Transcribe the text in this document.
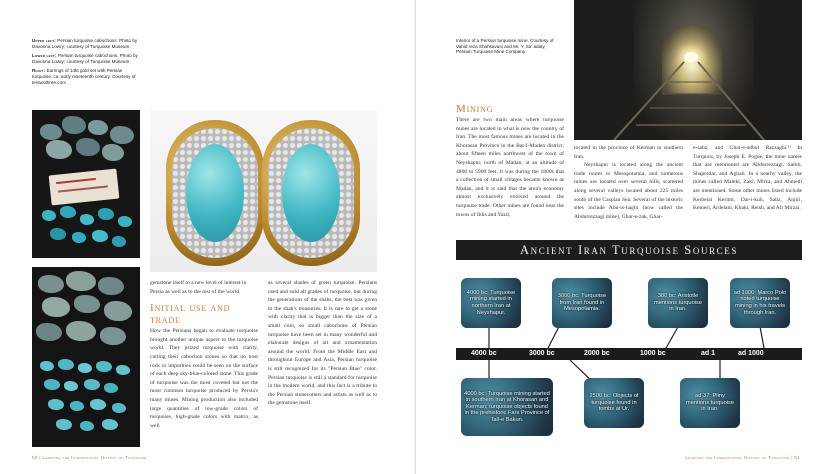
Upper left: Persian turquoise cabochons. Photo by Davonna Lowry; courtesy of Turquoise Museum.

Lower left: Persian turquoise cabochons. Photo by Davonna Lowry; courtesy of Turquoise Museum.

Right: Earrings of 14kt gold set with Persian turquoise, ca. early nineteenth century. Courtesy of tentwothree.com

gemstone itself to a new level of interest in Persia as well as to the rest of the world.

Initial use and trade

How the Persians began to evaluate turquoise brought another unique aspect to the turquoise world. They prized turquoise with clarity, cutting their cabochon stones so that no host rock or impurities could be seen on the surface of each deep sky-blue-colored stone. This grade of turquoise was the most coveted but not the most common turquoise produced by Persia's many mines. Mining production also included large quantities of low-grade colors of turquoise, high-grade colors with matrix, as well

as several shades of green turquoise. Persians used and sold all grades of turquoise, but during the generations of the shahs, the best was given to the shah's treasuries. It is rare to get a stone with clarity that is bigger than the size of a small coin, so small cabochons of Persian turquoise have been set in many wonderful and elaborate designs of art and ornamentation around the world. From the Middle East and throughout Europe and Asia, Persian turquoise is still recognized for its "Persian Blue" color. Persian turquoise is still a standard for turquoise in the modern world, and this fact is a tribute to the Persian stonecutters and artists as well as to the gemstone itself.

50 | Learning the International History of Turquoise

Interior of a Persian turquoise mine. Courtesy of Vahid reza Shahsavani and Mr. Y. Sa' adaty, Persian Turquoise Mine Company.

Mining

There are two main areas where turquoise mines are located in what is now the country of Iran. The most famous mines are located in the Khorasan Province in the Bar-I-Maden district, about fifteen miles northwest of the town of Neyshapur, north of Madan, at an altitude of 4800 to 5900 feet. It was during the 1800s that a collection of small villages became known as Madan, and it is said that the area's economy almost exclusively evolved around the turquoise trade. Other mines are found near the towns of Iblis and Yazd,

located in the province of Kerman in southern Iran.

Neyshapur is located along the ancient trade routes to Mesopotamia, and numerous mines are located over several hills, scattered along several valleys located about 225 miles south of the Caspian Sea. Several of the historic sites include Abu-is-haghi (now called the Abdurrezzagi mine), Ghar-e-zak, Ghar-

e-sabz, and Ghar-e-adbul Razzaghi.¹¹ In Turquois, by Joseph E. Pogue, the mine names that are mentioned are Abdurrezzagi, Sarkh, Shaperdar, and Aghali. In a nearby valley, the mines called Maleki, Zaki, Mirza, and Ahmedi are mentioned. Some other mines listed include Kerbelai Kerimi, Dar-i-kuh, Sabz, Anjiri, Kemeri, Ardelani, Khaki, Reish, and Ali Mirzai.

Ancient Iran Turquoise Sources
4000 bc	3000 bc	2000 bc	1000 bc	ad 1	ad 1000
4000 bc: Turquoise mining started in northern Iran at Neyshapur.
3000 bc: Turquoise from Iran found in Mesopotamia.
380 bc: Aristotle mentions turquoise in Iran.
ad 1000: Marco Polo noted turquoise mining in his travels through Iran.
4000 bc: Turquoise mining started in southern Iran at Khorasan and Kerman; turquoise objects found in the prehistoric Fars Province of Tall-e Bakun.
2500 bc: Objects of turquoise found in tombs at Ur.
ad 37: Pliny mentions turquoise in Iran.
Learning the International History of Turquoise | 51
